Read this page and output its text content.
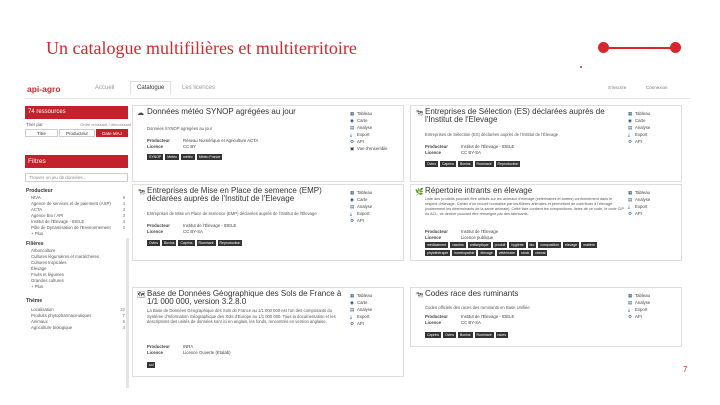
Un catalogue multifilières et multiterritoire
7
api-agro	Accueil	Catalogue	Les licences	S'inscrire	Connexion
74 ressources
Trier par	Ordre croissant / décroissant
Titre	Producteur	Date MAJ
Filtres
Trouver un jeu de données...
Producteur
NIVA	9
Agence de services et de paiement (ASP)	4
ACTA	3
Agence Bio / API	3
Institut de l'Élevage - IDELE	4
Pôle de Dynamisation de l'Environnement	3
+ Plus
Filières
Arboriculture
Cultures légumières et maraîchères
Cultures tropicales
Élevage
Fruits et légumes
Grandes cultures
+ Plus
Thème
Localisation	22
Produits phytopharmaceutiques	7
Animaux	5
Agriculture biologique	4
☁ Données météo SYNOP agrégées au jour
Données SYNOP agrégées au jour
Producteur	Réseau Numérique et Agriculture ACTA
Licence	CC BY
SYNOP Météo météo Météo France
▦ Tableau
◉ Carte
▤ Analyse
⤓ Export
⚙ API
▣ Vue d'ensemble
🐄 Entreprises de Sélection (ES) déclarées auprès de l'Institut de l'Elevage
Entreprises de Sélection (ES) déclarées auprès de l'Institut de l'Élevage
Producteur	Institut de l'Élevage - IDELE
Licence	CC BY-SA
Ovins Caprins Bovins Ruminant Reproduction
▦ Tableau
◉ Carte
▤ Analyse
⤓ Export
⚙ API
🐄 Entreprises de Mise en Place de semence (EMP) déclarées auprès de l'Institut de l'Elevage
Entreprises de Mise en Place de semence (EMP) déclarées auprès de l'Institut de l'Élevage
Producteur	Institut de l'Élevage - IDELE
Licence	CC BY-SA
Ovins Bovins Caprins Ruminant Reproduction
▦ Tableau
◉ Carte
▤ Analyse
⤓ Export
⚙ API
🌿 Répertoire intrants en élevage
Liste des produits pouvant être utilisés sur les animaux d'élevage (vétérinaires et autres) conformément dans le respect d'élevage. Cahier d'un recueil normalisé par les filières animales et permettant de contribuer à l'élevage (notamment les déterminants de la santé animale). Cette liste contient les compositions, listes de ce code, le code CIP ou ACL, ce dernier pouvant être renseigné par des fabricants.
Producteur	Institut de l'Élevage
Licence	Licence publique
médicament vaccins antiseptique produit hygiène bio composition élevage matièrephytothérapie homéopathie élevage vétérinaire stock cheval
▦ Tableau
▤ Analyse
⤓ Export
⚙ API
🗺 Base de Données Géographique des Sols de France à 1/1 000 000, version 3.2.8.0
La Base de Données Géographique des Sols de France au 1/1 000 000 est l'un des composants du Système d'Information Géographique des Sols d'Europe au 1/1 000 000. Tous la documentation et les descriptions des unités de données sont ici en anglais, les fonds, rencontrés en version anglaise.
Producteur	INRA
Licence	Licence Ouverte (Etalab)
sol
▦ Tableau
◉ Carte
▤ Analyse
⤓ Export
⚙ API
🐄 Codes race des ruminants
Codes officiels des races des ruminants en Base Unifiée
Producteur	Institut de l'Élevage - IDELE
Licence	CC BY-SA
Caprins Ovins Bovins Ruminant races
▦ Tableau
▤ Analyse
⤓ Export
⚙ API
